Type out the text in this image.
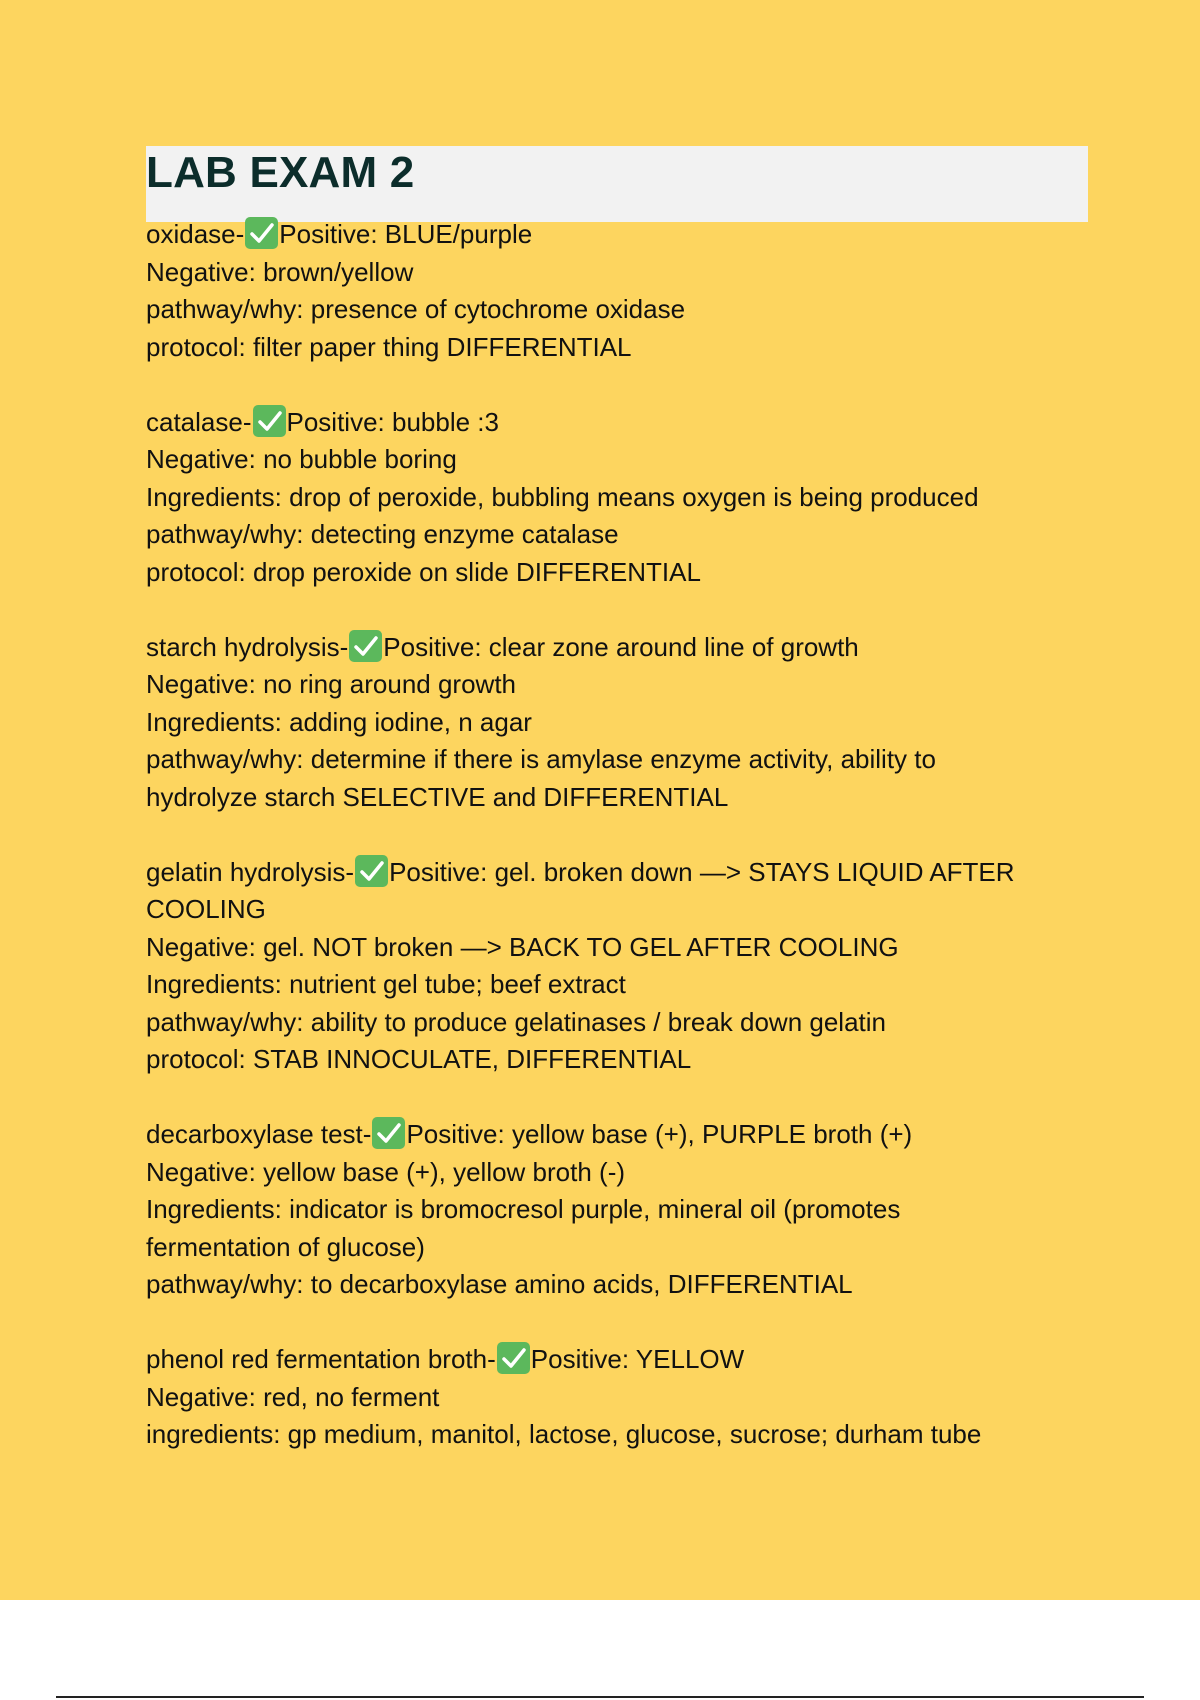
LAB EXAM 2

oxidase- Positive: BLUE/purple

Negative: brown/yellow

pathway/why: presence of cytochrome oxidase

protocol: filter paper thing DIFFERENTIAL

catalase- Positive: bubble :3

Negative: no bubble boring

Ingredients: drop of peroxide, bubbling means oxygen is being produced

pathway/why: detecting enzyme catalase

protocol: drop peroxide on slide DIFFERENTIAL

starch hydrolysis- Positive: clear zone around line of growth

Negative: no ring around growth

Ingredients: adding iodine, n agar

pathway/why: determine if there is amylase enzyme activity, ability to

hydrolyze starch SELECTIVE and DIFFERENTIAL

gelatin hydrolysis- Positive: gel. broken down —> STAYS LIQUID AFTER

COOLING

Negative: gel. NOT broken —> BACK TO GEL AFTER COOLING

Ingredients: nutrient gel tube; beef extract

pathway/why: ability to produce gelatinases / break down gelatin

protocol: STAB INNOCULATE, DIFFERENTIAL

decarboxylase test- Positive: yellow base (+), PURPLE broth (+)

Negative: yellow base (+), yellow broth (-)

Ingredients: indicator is bromocresol purple, mineral oil (promotes

fermentation of glucose)

pathway/why: to decarboxylase amino acids, DIFFERENTIAL

phenol red fermentation broth- Positive: YELLOW

Negative: red, no ferment

ingredients: gp medium, manitol, lactose, glucose, sucrose; durham tube
